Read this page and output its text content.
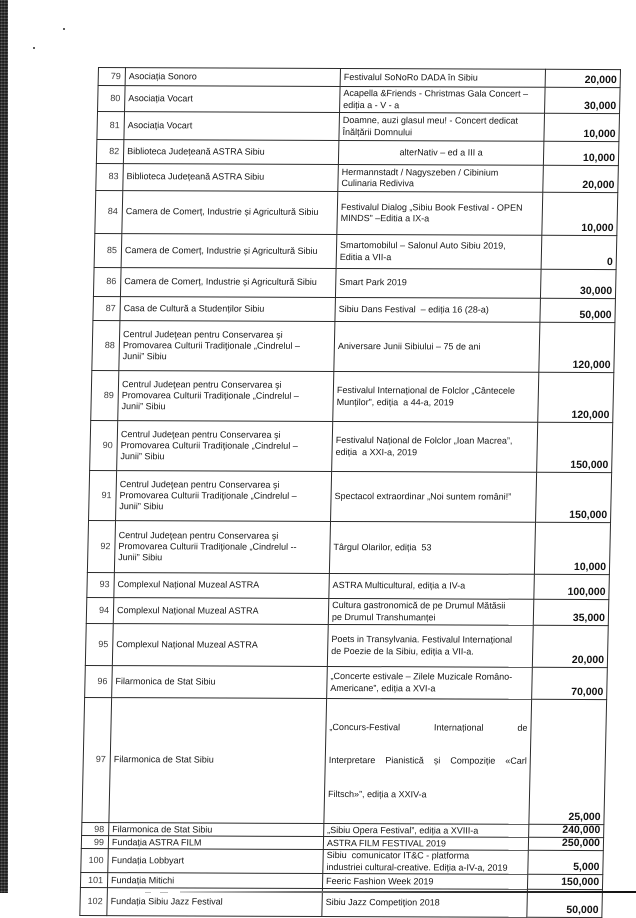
79	Asociația Sonoro	Festivalul SoNoRo DADA în Sibiu	20,000
80	Asociația Vocart	Acapella &Friends - Christmas Gala Concert –
ediția a - V - a	30,000
81	Asociația Vocart	Doamne, auzi glasul meu! - Concert dedicat
Înălțării Domnului	10,000
82	Biblioteca Județeană ASTRA Sibiu	alterNativ – ed a III a	10,000
83	Biblioteca Județeană ASTRA Sibiu	Hermannstadt / Nagyszeben / Cibinium
Culinaria Rediviva	20,000
84	Camera de Comerț, Industrie și Agricultură Sibiu	Festivalul Dialog „Sibiu Book Festival - OPEN
MINDS” –Editia a IX-a	10,000
85	Camera de Comerț, Industrie și Agricultură Sibiu	Smartomobilul – Salonul Auto Sibiu 2019,
Editia a VII-a	0
86	Camera de Comerț, Industrie și Agricultură Sibiu	Smart Park 2019	30,000
87	Casa de Cultură a Studenților Sibiu	Sibiu Dans Festival  – ediția 16 (28-a)	50,000
88	Centrul Judeţean pentru Conservarea şi
Promovarea Culturii Tradiţionale „Cindrelul –
Junii” Sibiu	Aniversare Junii Sibiului – 75 de ani	120,000
89	Centrul Judeţean pentru Conservarea şi
Promovarea Culturii Tradiţionale „Cindrelul –
Junii” Sibiu	Festivalul Internațional de Folclor „Cântecele
Munților”, ediția  a 44-a, 2019	120,000
90	Centrul Judeţean pentru Conservarea şi
Promovarea Culturii Tradiţionale „Cindrelul –
Junii” Sibiu	Festivalul Național de Folclor „Ioan Macrea”,
ediția  a XXI-a, 2019	150,000
91	Centrul Judeţean pentru Conservarea şi
Promovarea Culturii Tradiţionale „Cindrelul –
Junii” Sibiu	Spectacol extraordinar „Noi suntem români!”	150,000
92	Centrul Judeţean pentru Conservarea şi
Promovarea Culturii Tradiţionale „Cindrelul --
Junii” Sibiu	Târgul Olarilor, ediția  53	10,000
93	Complexul Național Muzeal ASTRA	ASTRA Multicultural, ediția a IV-a	100,000
94	Complexul Național Muzeal ASTRA	Cultura gastronomică de pe Drumul Mătăsii
pe Drumul Transhumanței	35,000
95	Complexul Național Muzeal ASTRA	Poets in Transylvania. Festivalul Internațional
de Poezie de la Sibiu, ediția a VII-a.	20,000
96	Filarmonica de Stat Sibiu	„Concerte estivale – Zilele Muzicale Româno-
Americane”, ediția a XVI-a	70,000
97	Filarmonica de Stat Sibiu	„Concurs-Festival Internațional de

Interpretare Pianistică și Compoziție «Carl

Filtsch»”, ediția a XXIV-a	25,000
98	Filarmonica de Stat Sibiu	„Sibiu Opera Festival”, ediția a XVIII-a	240,000
99	Fundația ASTRA FILM	ASTRA FILM FESTIVAL 2019	250,000
100	Fundația Lobbyart	Sibiu  comunicator IT&C - platforma
industriei cultural-creative. Ediția a-IV-a, 2019	5,000
101	Fundația Mitichi	Feeric Fashion Week 2019	150,000
102	Fundația Sibiu Jazz Festival	Sibiu Jazz Competiţion 2018	50,000
